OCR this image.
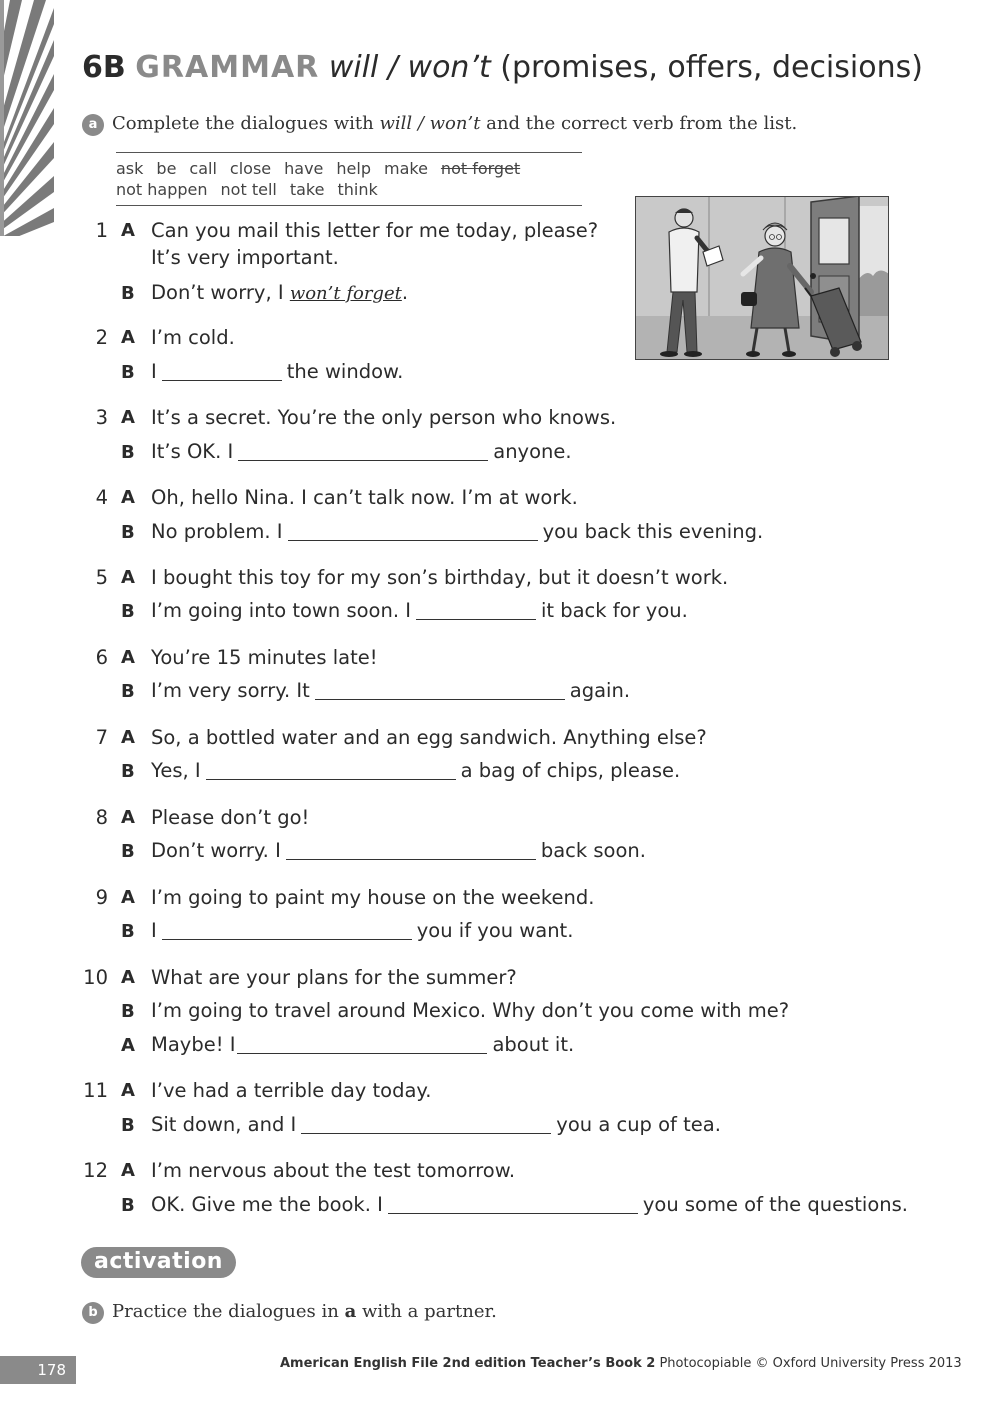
6B GRAMMAR will / won’t (promises, offers, decisions)
a Complete the dialogues with will / won’t and the correct verb from the list.
ask be call close have help make not forget
not happen not tell take think
1 A Can you mail this letter for me today, please?
It’s very important.
B Don’t worry, I won’t forget.
2 A I’m cold.
B I	the window.
3 A It’s a secret. You’re the only person who knows.
B It’s OK. I	anyone.
4 A Oh, hello Nina. I can’t talk now. I’m at work.
B No problem. I	you back this evening.
5 A I bought this toy for my son’s birthday, but it doesn’t work.
B I’m going into town soon. I	it back for you.
6 A You’re 15 minutes late!
B I’m very sorry. It	again.
7 A So, a bottled water and an egg sandwich. Anything else?
B Yes, I	a bag of chips, please.
8 A Please don’t go!
B Don’t worry. I	back soon.
9 A I’m going to paint my house on the weekend.
B I	you if you want.
10 A What are your plans for the summer?
B I’m going to travel around Mexico. Why don’t you come with me?
A Maybe! I	about it.
11 A I’ve had a terrible day today.
B Sit down, and I	you a cup of tea.
12 A I’m nervous about the test tomorrow.
B OK. Give me the book. I	you some of the questions.
activation
b Practice the dialogues in a with a partner.
178	American English File 2nd edition Teacher’s Book 2 Photocopiable © Oxford University Press 2013
